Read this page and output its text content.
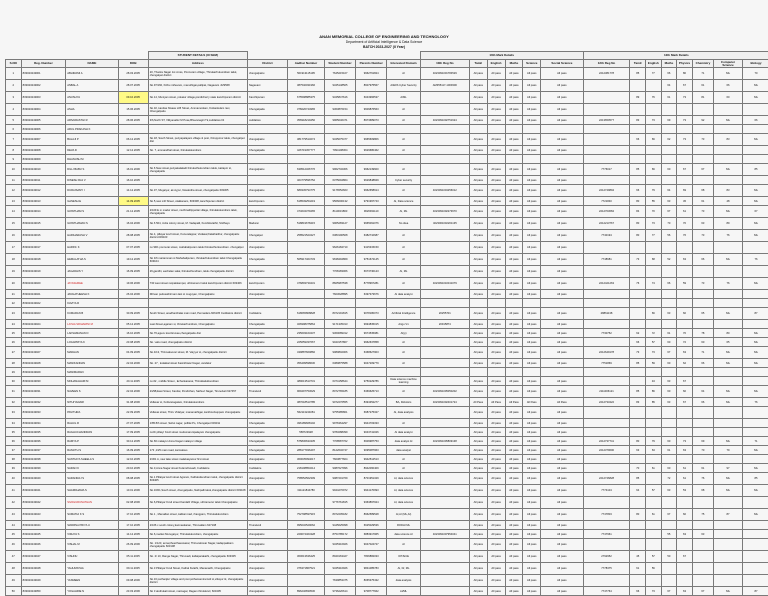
ANAN MEMORIAL COLLEGE OF ENGINEERING AND TECHNOLOGY
Department of Artificial Intelligence & Data Science
BATCH 2023-2027 (II Year)
				STUDENT DETAILS (III SEM)						10th Mark Details						12th Mark Details							
S.NO	Reg. Number	NAME	DOB	Address	District	Aadhar Number	Student Number	Parents Number	Interested Domain	10th Reg No	Tamil	English	Maths	Science	Social Science	12th Reg No	Tamil	English	Maths	Physics	Chemistry	Computer Science	Biology
1	833023243001	ABHIRAMI A	28.03.2005	20, Thanks Nagar 1st cross, Ponnuram village, Thirukazhukundram taluk, chengalpet district	chengalpattu	501913115195	7645215107	9962761824	AI	4023091001784529	All pass	All pass	All pass	All pass	All pass	2212381778	85	77	66	80	71	NIL	70
2	833023243002	ANBAL A	28.07.2005	No.97/160, Kithiu mthevam, manuthigai-pallipat, Nagavani -629568	Nagavani	387540031966	9345148505	8607975567	AI&DS Cyber Security	AM355117-1009300	All pass	All pass	All pass	All pass	All pass				64	67	61	66	NIL
3	833023243003	ANUSHYA	09.10.2005	No.14, Muniyan street, pokatur village,pondicherry state kanchipuram district	Kanchipuram	675598885375	9345847616	6043966537	AIML		All pass	All pass	All pass	All pass	All pass		89	76	61	73	81	60	NIL
4	833023243004	ASHA	15.06.2005	No.32, kandas Nivaas H.B Street, Ammamoolam, Kottankulam ravi, Chengalpattu	Chengalpattu	378220744965	9363876154	9609876563	AI		All pass	All pass	All pass	All pass	All pass								
5	833023243005	ARIVARASTHI R	28.06.2005	3/6,North ST, Villiyanallur M Pose,Bhuvanagiri Tk,cuddalore Dt	cuddalore	356918219450	9965046471	8973689073	AI	4023091002751624	All pass	All pass	All pass	All pass	All pass	2213650577	83	73	69	73	92	NIL	66
6	833023243006	ARUL PRAKASH K																					
7	833023243007	BALAJI P	06.12.2005	No.18, South Street, periyapalayam village & post, thirupporur taluk, chengalpet dist	chengalpattu	381779513274	9345075477	9965609806	AI		All pass	All pass	All pass	All pass	All pass		66	66	62	73	73	83	NIL
8	833023243008	DEVA D	12.12.2005	No. 7, ammandhal street, thirukalukundram	Chengalpattu	426719457777	7094108304	9629680462	AI		All pass	All pass	All pass	All pass	All pass								
9	833023243009	DHANUSH M																					
10	833023243010	DILLI BABU S	16.01.2006	No.6 New street,periyakalakadi thirukazhukundram taluk, kattapor st, chengalpattu	chengalpattu	639512326776	9962732306	9962139600	AI		All pass	All pass	All pass	All pass	All pass	7776017	85	66	60	67	67	NIL	85
11	833023243011	DINESH RAJ V	16.10.2005			464779596752	6375094864	9629848849	Cyber security		All pass	All pass	All pass	All pass	All pass								
12	833023243012	DURAISAMY I	14.12.2005	No.37, Mugaiyur, ak Ayyur, Navalotha street, chengalpattu 603305	chengalpattu	689345794775	9176552663	9962658914	AI	4023091004256012	All pass	All pass	All pass	All pass	All pass	2212749894	66	79	64	69	68	83	NIL
13	833023243013	GANESH E	14.09.2005	No.5,new mill Street, olakkanam, 603308, kanchipuram district	kanchipuram	618549254219	9566000132	9791997743	AI, Data science		All pass	All pass	All pass	All pass	All pass	7721840	80	55	63	45	61	48	NIL
14	833023243014	GOWTHAM S	21.12.2005	2/109 E m madur street ,muthinathippettai village, thirukalukundram taluk, chengalpattu	chengalpattu	474634379465	8110031863	9626931110	AI, ML	4023091002273670	All pass	All pass	All pass	All pass	All pass	2212703684	84	70	67	61	73	NIL	67
15	833023243015	GOWTHAMAN S	16.04.2006	No.6 504, indra colony street, M. Vadapalli, Kumbikulathil, Sridhayu	Madurai	518819678415	9965283127	9965091076	No idea	4023001002201135	All pass	All pass	All pass	All pass	All pass	2212213767	80	73	70	70	63	89	NIL
16	833023243016	HARIHARASH V	28.08.2005	No.4, pillayar kovil street, Kuruvalappar, Vedasal,Kalathaithur, chengalpattu district-603103	Chengalpet	258521523427	6383190508	6382710687	AI		All pass	All pass	All pass	All pass	All pass	7740194	80	77	56	76	73	76	NIL
17	833023243017	HARINI. K	07.07.2005	no 99/1 ponnurai street, mahabalipuram taluk thirukazhunkundram. chengalpet	chengalpattu		9626184710	9415315150	AI		All pass	All pass	All pass	All pass	All pass								
18	833023243018	HEMALATHA S	19.12.2005	No 4/6 mariamman st Mahabalipuram, thirukazhukundram taluk Chengalpattu 603104	Chengalpattu	565917464733	9638494869	9751672145	AI		All pass	All pass	All pass	All pass	All pass	7748681	73	68	52	63	66	NIL	76
19	833023243019	JAGADHIS Y	16.09.2005	26,gandhi, eachelan salai, thirukazhundram, taluk chengalpattu district	chengalpattu		7708183066	6673730123	AI, ML		All pass	All pass	All pass	All pass	All pass								
20	833023243020	JAYASHREE	19.06.2006	730 west street netpakkampet, uthiramerur taluk kanchipuram district 603406	kanchipuram	476893730431	8825987538	8778967281	AI	4023091010041079	All pass	All pass	All pass	All pass	All pass	2212421263	76	74	66	59	73	76	NIL
21	833023243021	JANGATHEESH K	26.04.2006	Dhivan pudusathirmam last st muguyan, Chengalpattu	chengalpattu		7603628895	6397373676	AI data analyst		All pass	All pass	All pass	All pass	All pass								
22	833023243022	KAVIYA R																					
23	833023243023	KUMARAN B	30.09.2005	South Street, anadhanthalai main road, Pennadam-606105 Cuddalore district	Cuddalore	618665808828	8072191815	9078180073	Artificial Intelligence	20255701	All pass	All pass	All pass	All pass	All pass	28861138		66	63	60	65	NIL	87
24	833023243024	LATHA SRIHARINI M	05.12.2005	Last-Street,agaram st, thirukazhundram, Chengalpattu	Chengalpattu	326998375864	9171335313	9994835015	Arigu V1	20915874	All pass	All pass	All pass	All pass	All pass								
25	833023243025	LAKSHMANAN D	16.10.2005	No.76,aguvu kost Eruvas,chengalpattu dist	chengalpattu	235603163437	9360089312	9674535081	AI(p)		All pass	All pass	All pass	All pass	All pass	7730752	62	72	61	70	78	80	NIL
26	833023243026	LOGAPRIYA K	23.08.2005	No. vattu road, chengalpattu district	chengalpattu	225659337667	9043157807	9962637858	AI		All pass	All pass	All pass	All pass	All pass		66	57	60	72	60	65	NIL
27	833023243027	MADHAN	04.09.2005	No.4/13, Thiruvaloovar street, M. Vaiyyur st, chengalpattu district	chengalpattu	439887660882	9080802006	6368627903	AI		All pass	All pass	All pass	All pass	All pass	2212649178	73	73	67	63	71	NIL	NIL
28	833023243028	MANIKANDAN	22.04.2006	No. 27 , kulakkal street Kasinthiwar Nagar, vandalur	chengalpattu	356499598630	6380875588	9047209779	AI		All pass	All pass	All pass	All pass	All pass	7751869	85	59	60	62	66	NIL	NIL
29	833023243029	MANIMARAN																					
30	833023243030	MOHANAHARI M	20.11.2005	no.62 , middle Street , Echankaranai, Thirukkalukkundram	chengalpattu	489013513731	6374158644	9750229786	Data science machine learning		All pass	All pass	All pass	All pass	All pass			43	63	67			
31	833023243031	NAVEEN S	22.04.2006	2/298,East Street, Kandai, Pondichan, Sathuvi Nagar, Tirunelveli 627457	Tirunelveli	969497753629	8072765185	6369625713	AI	4023091005050202	All pass	All pass	All pass	All pass	All pass	2111006121	85	86	60	60	64	NIL	NIL
32	833023243032	NITHIYADARI	31.08.2006	Vellavar st, Kottivanagalam, thirukalukundram	chengalpattu	387018513785	9072276555	8394352277	BA, Robotics	4023091002401724	All Pass	All Pass	All Pass	All Pass	All Pass	2212733422	83	85	63	67	66	NIL	76
33	833023243033	PAVITHRA	22.09.2005	Vellavai street, Thiru Vidaiyar, manamathigai, kanthoorkuppam chengalpattu	chengalpattu	562113244081	9755385801	6687275327	AI, data analysis		All pass	All pass	All pass	All pass	All pass								
34	833023243034	RAHUL R	27.07.2005	1/85 8th street ,Sellui nagar, pollilai Po, Chengalpet 603311	Chengalpattu	496189668102	9976364297	9944703333	AI		All pass	All pass	All pass	All pass	All pass								
35	833023243035	RAGHUCHANDRAN	17.09.2005	north pillaiyr Kovil street mudumarunipalayam chengalpattu	chengalpattu	558723928	9783288399	9043741026	AI data analyst		All pass	All pass	All pass	All pass	All pass								
36	833023243036	RAMYA P	30.12.2005	No.66 malaiyur Anna Nagar malaiyur village	Chengalpattu	575836634335	7708587762	6609987753	data analyst AI	4023091005809138	All pass	All pass	All pass	All pass	All pass	2212737741	80	79	60	73	69	NIL	71
37	833023243037	RANJITH S	16.09.2005	173 ,1/25 main road, karmalous	Chengalpattu	288177936497	8122632747	9095087963	data analyst		All pass	All pass	All pass	All pass	All pass	2212379600	63	63	61	63	70	79	NIL
38	833023243038	SANTHIYA SHEELA S	12.10.2005	2/301 A, new lake street malaivaiyamur first street	chengalpattu	360035094017	7603877604	9942512513	AI		All pass	All pass	All pass	All pass	All pass								
39	833023243039	SARAN K	20.10.2005	No.3,Anna Nagar street Kulamchavadi, Cuddalore	Cuddalore	218108853214	9087627996	8942060409	AI		All pass	All pass	All pass	All pass	All pass		70	61	60	61	61	97	NIL
40	833023243040	SARANRAJ S	08.08.2005	No.1 Pillaiyar kovil street Agoram, Kathaluikundram taluk, chengalpattu district 603405	chengalpattu	758552562309	9087201769	8701951329	AI, data science		All pass	All pass	All pass	All pass	All pass	2212746828	85		72	61	76	NIL	85
41	833023243041	SHARDHAMA S	10.01.2006	No.16/01,South street, chengalpattu, Nathpalli taluk,chengalpattu district 603108	chengalpattu	311121844780	9944270972	9944170993	AI, data science		All pass	All pass	All pass	All pass	All pass	7774104	64	57	63	53	68	NIL	NIL
42	833023243042	SIVAGURUNATHAN	02.08.2006	No.6,Pillaiyar Kovil street Kandallr Village, uthiramerur taluk Chengalpattu	chengalpattu		9776761815	9363897924	AI, data science		All pass	All pass	All pass	All pass	All pass								
43	833023243043	SUMATHI K S	17.10.2005	No.1 , Mamallan street, kalikai road, rhangpam, Thirukalukundram	chengalpattu	752798597915	8072205182	8962589528	AI,AI (ML,AI)		All pass	All pass	All pass	All pass	All pass	7747803	80	61	67	60	75	87	NIL
44	833023243044	SWARNA PRIYA U	17.10.2005	2/166 c south colony,karmasikaran, Thiruvallam 627108	Tirunelveli	995032529062	9445625098	6625029536	RODHI ML		All pass	All pass	All pass	All pass	All pass								
45	833023243045	VIDHYA S	14.12.2005	No.6,market Murugaiyur, Thirukalukundram, chengalpattu	chengalpattu	229074464328	8754785172	6883917965	data science AI	4023091007954041	All pass	All pass	All pass	All pass	All pass	7747961			55	63	63		
46	833023243046	VISHAL M	26.09.2006	No. 1/123, annai,theerthaeswarar, Thiruvaloovar Nagar, kadappakkam chengalpattu 603108	chengalpattu		9345316926	9047024727	AI		All pass	All pass	All pass	All pass	All pass								
47	833023243047	VISHNU	05.11.2005	No. 2/ 10, Ranga Nagar, Thiruvadi, kallaiparakathi, chengalpattu 603305	chengalpattu	360613636425	8940163427	7806882033	IOT/ECE		All pass	All pass	All pass	All pass	All pass	2792952	45	57	50	67			
48	833023243048	YAHUMATHA	09.11.2005	No.3 Pillaiyar Kovil Street, Kathal Kulathi, Manamathi, Chengalpattu	chengalpattu	376371867521	9345316926	9841085783	AI, Dr, ML		All pass	All pass	All pass	All pass	All pass	7778375	61	56					
49	833023243049	YASMEEN	09.08.2006	No.16 pazhanjiur village and post pothamamirai koil st,vittayur tk, chengalpattu district	chengalpattu		7639853475	8065375432	data analysis		All pass	All pass	All pass	All pass	All pass								
50	833023243050	YOGAHRIE N	23.03.2006	No 3 aluthukali street, mainagar, Ragam thirukkovil, 603405	chengalpattu	896246830530	9736220614	9708777662	AI/ML		All pass	All pass	All pass	All pass	All pass	7747764	66	73	67	63	67	NIL	87
